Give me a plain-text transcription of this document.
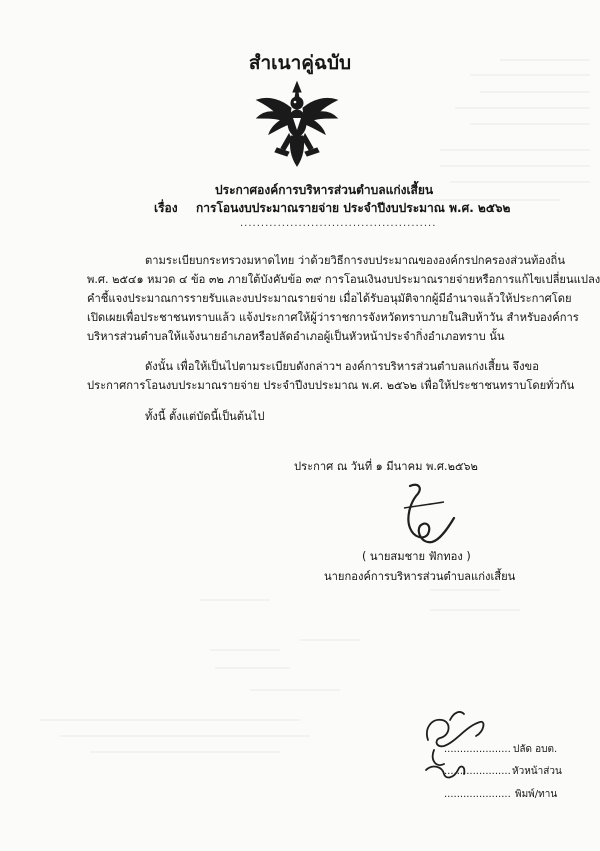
สำเนาคู่ฉบับ
ประกาศองค์การบริหารส่วนตำบลแก่งเสี้ยน
เรื่อง การโอนงบประมาณรายจ่าย ประจำปีงบประมาณ พ.ศ. ๒๕๖๒
...............................................
ตามระเบียบกระทรวงมหาดไทย ว่าด้วยวิธีการงบประมาณขององค์กรปกครองส่วนท้องถิ่น
พ.ศ. ๒๕๔๑ หมวด ๔ ข้อ ๓๒ ภายใต้บังคับข้อ ๓๙ การโอนเงินงบประมาณรายจ่ายหรือการแก้ไขเปลี่ยนแปลง
คำชี้แจงประมาณการรายรับและงบประมาณรายจ่าย เมื่อได้รับอนุมัติจากผู้มีอำนาจแล้วให้ประกาศโดย
เปิดเผยเพื่อประชาชนทราบแล้ว แจ้งประกาศให้ผู้ว่าราชการจังหวัดทราบภายในสิบห้าวัน สำหรับองค์การ
บริหารส่วนตำบลให้แจ้งนายอำเภอหรือปลัดอำเภอผู้เป็นหัวหน้าประจำกิ่งอำเภอทราบ นั้น
ดังนั้น เพื่อให้เป็นไปตามระเบียบดังกล่าวฯ องค์การบริหารส่วนตำบลแก่งเสี้ยน จึงขอ
ประกาศการโอนงบประมาณรายจ่าย ประจำปีงบประมาณ พ.ศ. ๒๕๖๒ เพื่อให้ประชาชนทราบโดยทั่วกัน
ทั้งนี้ ตั้งแต่บัดนี้เป็นต้นไป
ประกาศ ณ วันที่ ๑ มีนาคม พ.ศ.๒๕๖๒
( นายสมชาย ฟักทอง )
นายกองค์การบริหารส่วนตำบลแก่งเสี้ยน
..................... ปลัด อบต.
..................... หัวหน้าส่วน
..................... พิมพ์/ทาน
